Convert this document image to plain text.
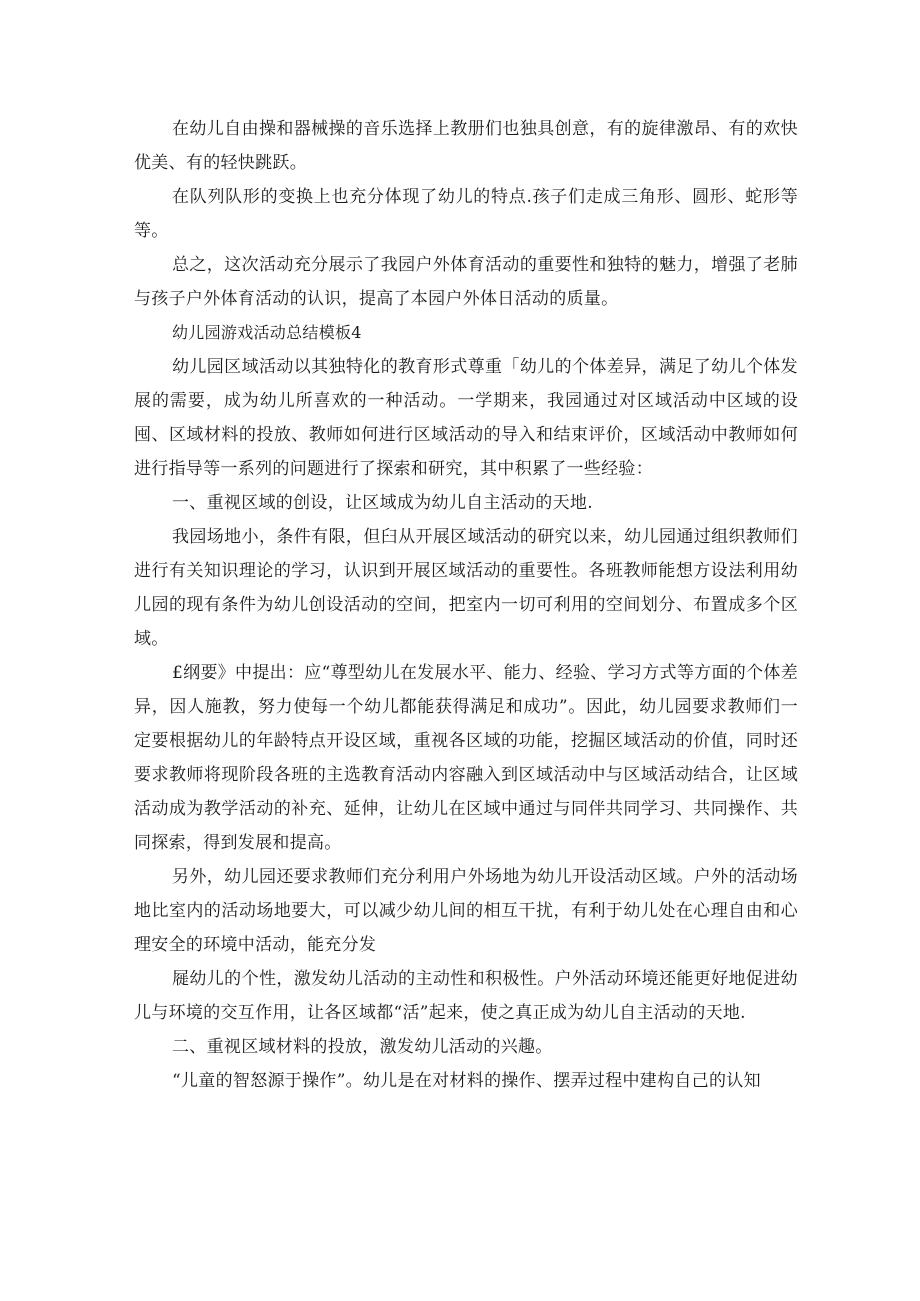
在幼儿自由操和器械操的音乐选择上教册们也独具创意，有的旋律激昂、有的欢快优美、有的轻快跳跃。

在队列队形的变换上也充分体现了幼儿的特点.孩子们走成三角形、圆形、蛇形等等。

总之，这次活动充分展示了我园户外体育活动的重要性和独特的魅力，增强了老肺与孩子户外体育活动的认识，提高了本园户外体日活动的质量。

幼儿园游戏活动总结模板4

幼儿园区域活动以其独特化的教育形式尊重「幼儿的个体差异，满足了幼儿个体发展的需要，成为幼儿所喜欢的一种活动。一学期来，我园通过对区域活动中区域的设囤、区域材料的投放、教师如何进行区域活动的导入和结束评价，区域活动中教师如何进行指导等一系列的问题进行了探索和研究，其中积累了一些经验：

一、重视区域的创设，让区域成为幼儿自主活动的天地.

我园场地小，条件有限，但臼从开展区域活动的研究以来，幼儿园通过组织教师们进行有关知识理论的学习，认识到开展区域活动的重要性。各班教师能想方设法利用幼儿园的现有条件为幼儿创设活动的空间，把室内一切可利用的空间划分、布置成多个区域。

£纲要》中提出：应“尊型幼儿在发展水平、能力、经验、学习方式等方面的个体差异，因人施教，努力使每一个幼儿都能获得满足和成功”。因此，幼儿园要求教师们一定要根据幼儿的年龄特点开设区域，重视各区域的功能，挖掘区域活动的价值，同时还要求教师将现阶段各班的主选教育活动内容融入到区域活动中与区域活动结合，让区域活动成为教学活动的补充、延伸，让幼儿在区域中通过与同伴共同学习、共同操作、共同探索，得到发展和提高。

另外，幼儿园还要求教师们充分利用户外场地为幼儿开设活动区域。户外的活动场地比室内的活动场地要大，可以减少幼儿间的相互干扰，有利于幼儿处在心理自由和心理安全的环境中活动，能充分发

屣幼儿的个性，激发幼儿活动的主动性和积极性。户外活动环境还能更好地促进幼儿与环境的交互作用，让各区域都“活”起来，使之真正成为幼儿自主活动的天地.

二、重视区域材料的投放，激发幼儿活动的兴趣。

“儿童的智怒源于操作”。幼儿是在对材料的操作、摆弄过程中建构自己的认知
